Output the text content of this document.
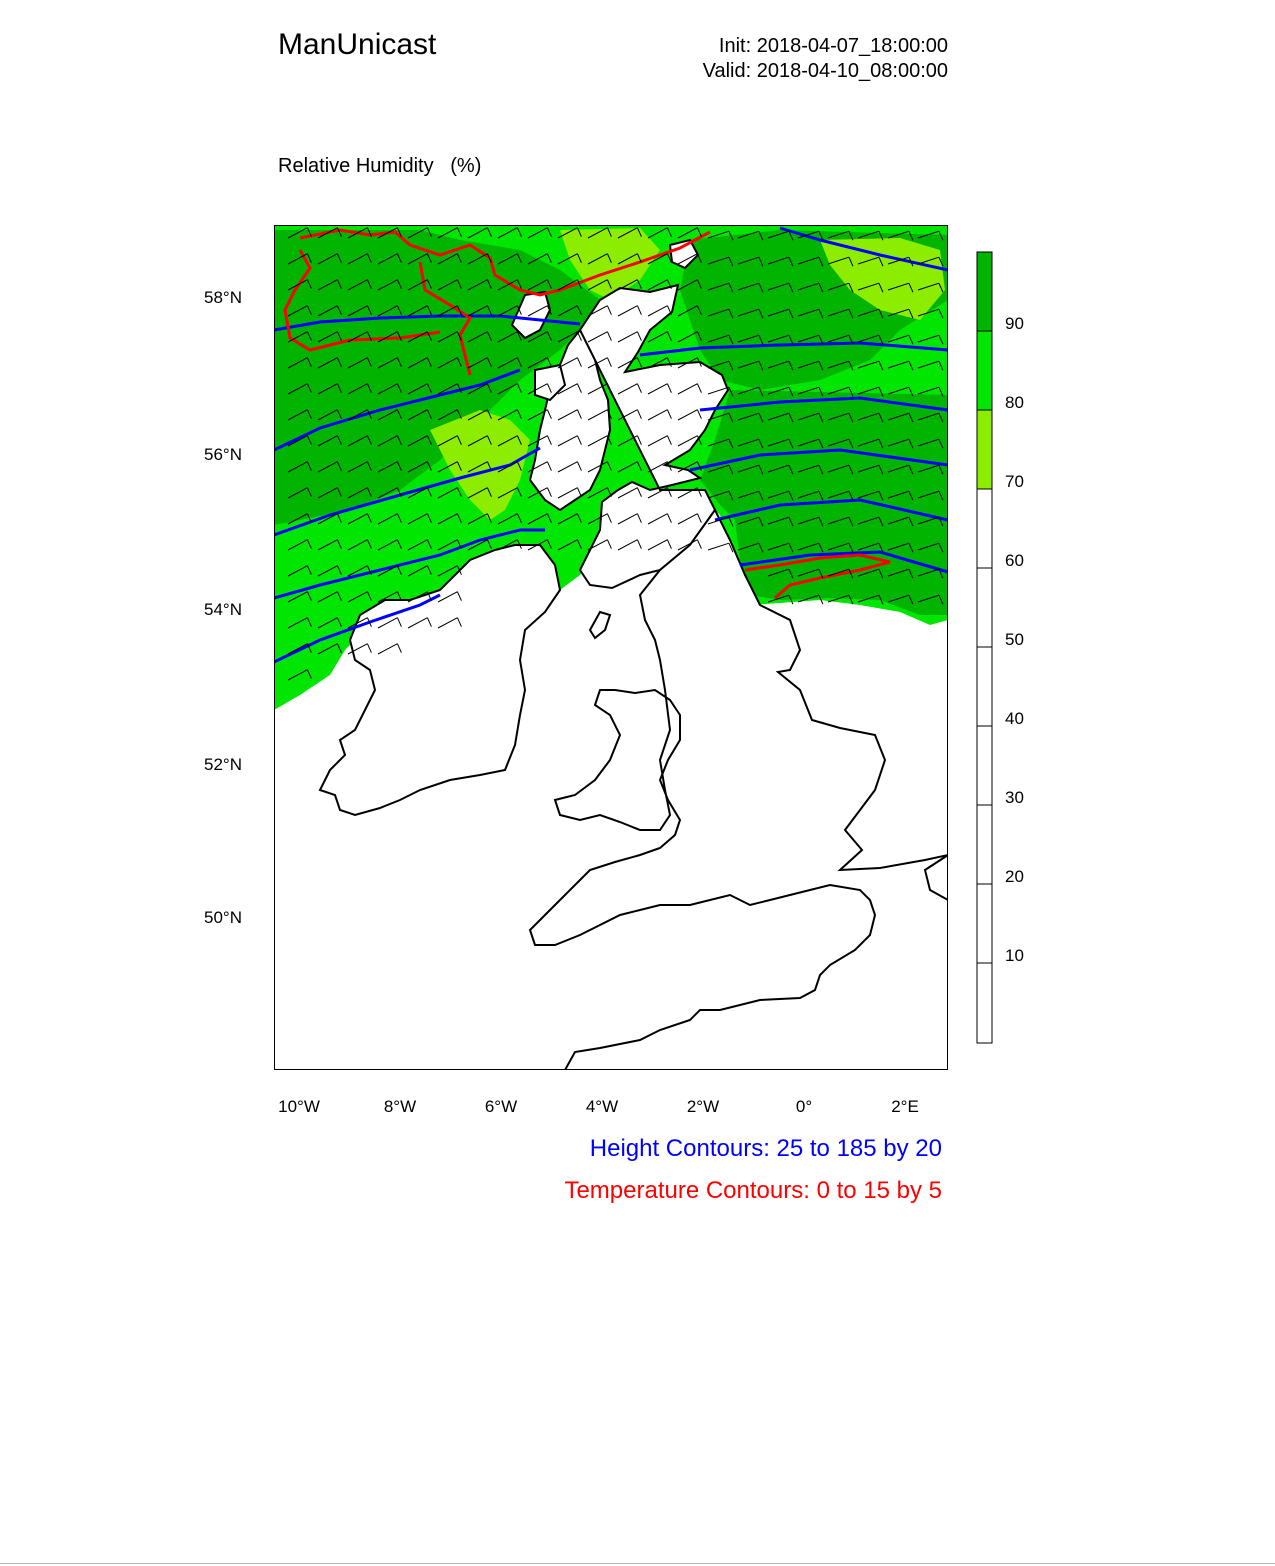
ManUnicast	Init: 2018-04-07_18:00:00
Valid: 2018-04-10_08:00:00

Relative Humidity   (%)

58°N
56°N
54°N
52°N
50°N
10°W	8°W	6°W	4°W	2°W	0°	2°E
90
80
70
60
50
40
30
20
10
Height Contours: 25 to 185 by 20
Temperature Contours: 0 to 15 by 5
